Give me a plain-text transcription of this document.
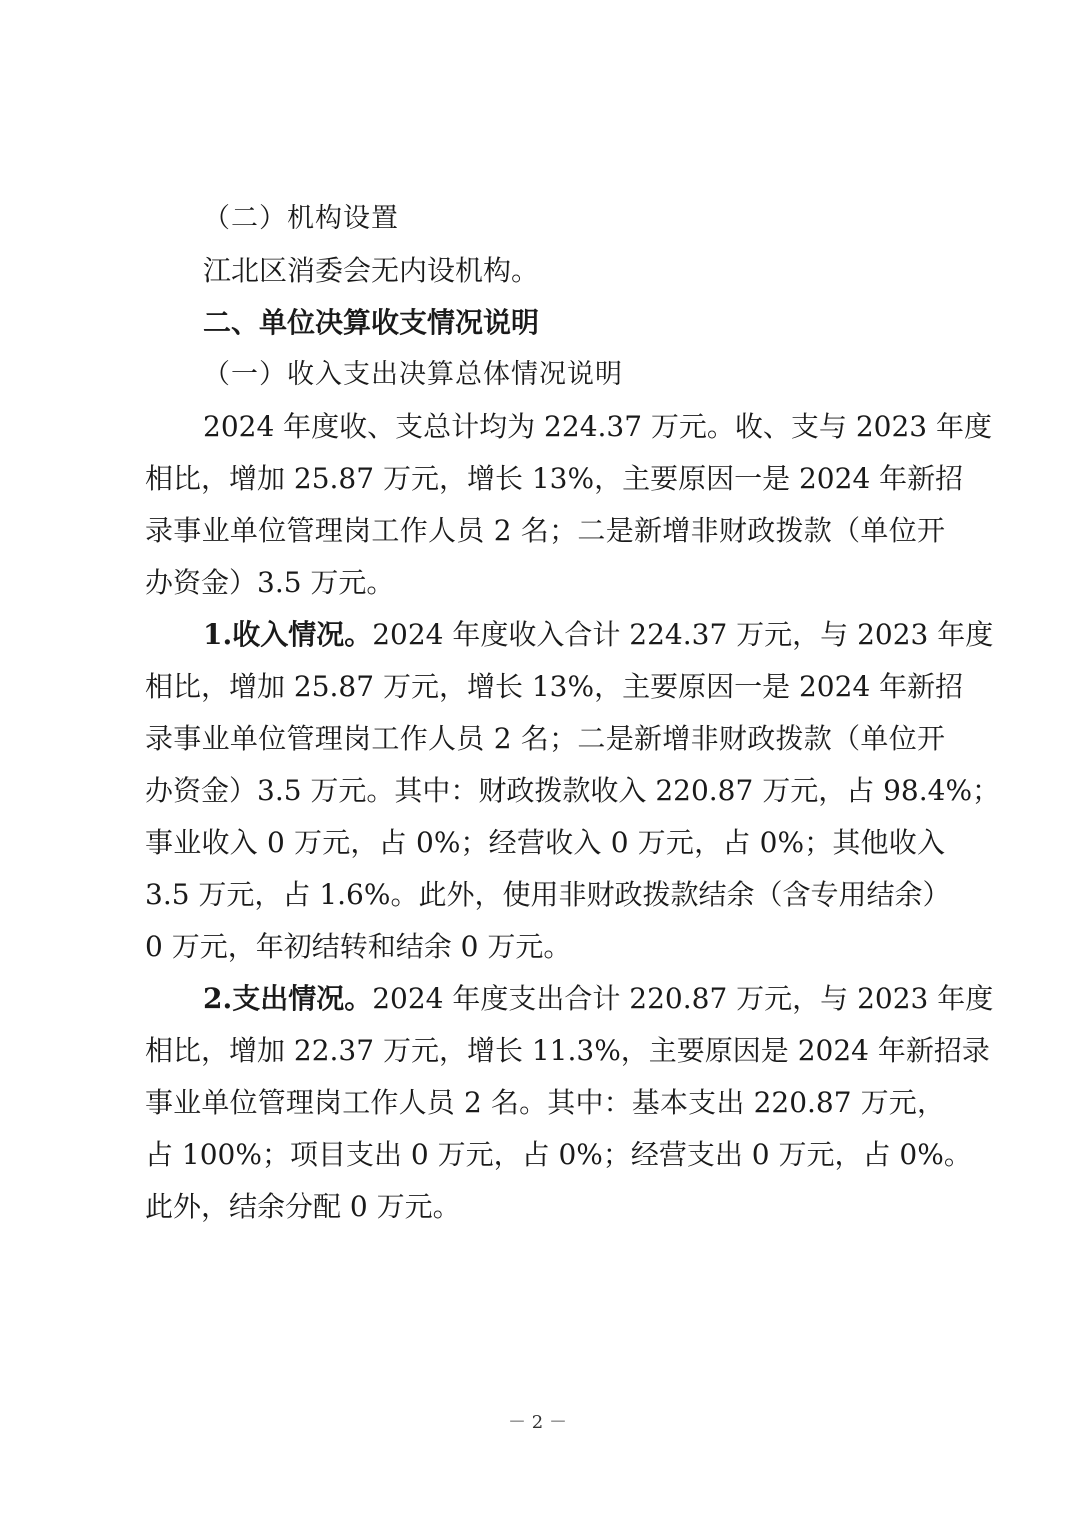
（二）机构设置

江北区消委会无内设机构。

二、单位决算收支情况说明

（一）收入支出决算总体情况说明

2024 年度收、支总计均为 224.37 万元。收、支与 2023 年度

相比，增加 25.87 万元，增长 13%，主要原因一是 2024 年新招

录事业单位管理岗工作人员 2 名；二是新增非财政拨款（单位开

办资金）3.5 万元。

1.收入情况。2024 年度收入合计 224.37 万元，与 2023 年度

相比，增加 25.87 万元，增长 13%，主要原因一是 2024 年新招

录事业单位管理岗工作人员 2 名；二是新增非财政拨款（单位开

办资金）3.5 万元。其中：财政拨款收入 220.87 万元，占 98.4%；

事业收入 0 万元，占 0%；经营收入 0 万元，占 0%；其他收入

3.5 万元，占 1.6%。此外，使用非财政拨款结余（含专用结余）

0 万元，年初结转和结余 0 万元。

2.支出情况。2024 年度支出合计 220.87 万元，与 2023 年度

相比，增加 22.37 万元，增长 11.3%，主要原因是 2024 年新招录

事业单位管理岗工作人员 2 名。其中：基本支出 220.87 万元，

占 100%；项目支出 0 万元，占 0%；经营支出 0 万元，占 0%。

此外，结余分配 0 万元。

－ 2 －
